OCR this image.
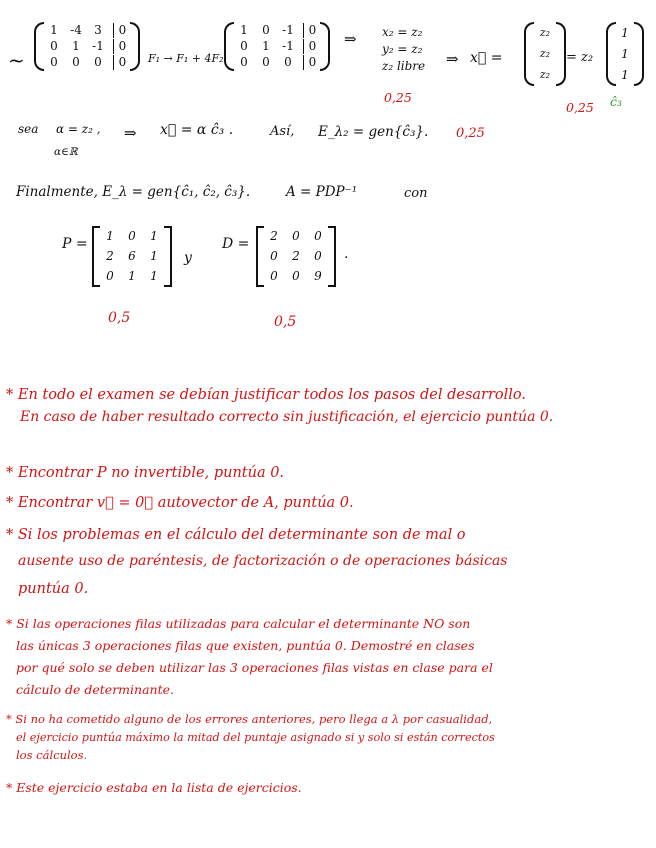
~
1 -4 3	0
0 1 -1	0
0 0 0	0 F₁ → F₁ + 4F₂
1 0 -1	0
0 1 -1	0
0 0 0	0
⇒ x₂ = z₂
y₂ = z₂
z₂ libre
0,25
⇒ x⃗ =
z₂
z₂
z₂
= z₂
1
1
1
0,25 ĉ₃
sea α = z₂ ,
α∈ℝ
⇒ x⃗ = α ĉ₃ .	Así, E_λ₂ = gen{ĉ₃}. 0,25
Finalmente, E_λ = gen{ĉ₁, ĉ₂, ĉ₃}.	A = PDP⁻¹	con
P = 1 0 1
2 6 1
0 1 1
y
D = 2 0 0
0 2 0
0 0 9
.
0,5	0,5
* En todo el examen se debían justificar todos los pasos del desarrollo.
En caso de haber resultado correcto sin justificación, el ejercicio puntúa 0.
* Encontrar P no invertible, puntúa 0.
* Encontrar v⃗ = 0⃗ autovector de A, puntúa 0.
* Si los problemas en el cálculo del determinante son de mal o
ausente uso de paréntesis, de factorización o de operaciones básicas
puntúa 0.
* Si las operaciones filas utilizadas para calcular el determinante NO son
las únicas 3 operaciones filas que existen, puntúa 0. Demostré en clases
por qué solo se deben utilizar las 3 operaciones filas vistas en clase para el
cálculo de determinante.
* Si no ha cometido alguno de los errores anteriores, pero llega a λ por casualidad,
el ejercicio puntúa máximo la mitad del puntaje asignado si y solo si están correctos
los cálculos.
* Este ejercicio estaba en la lista de ejercicios.
